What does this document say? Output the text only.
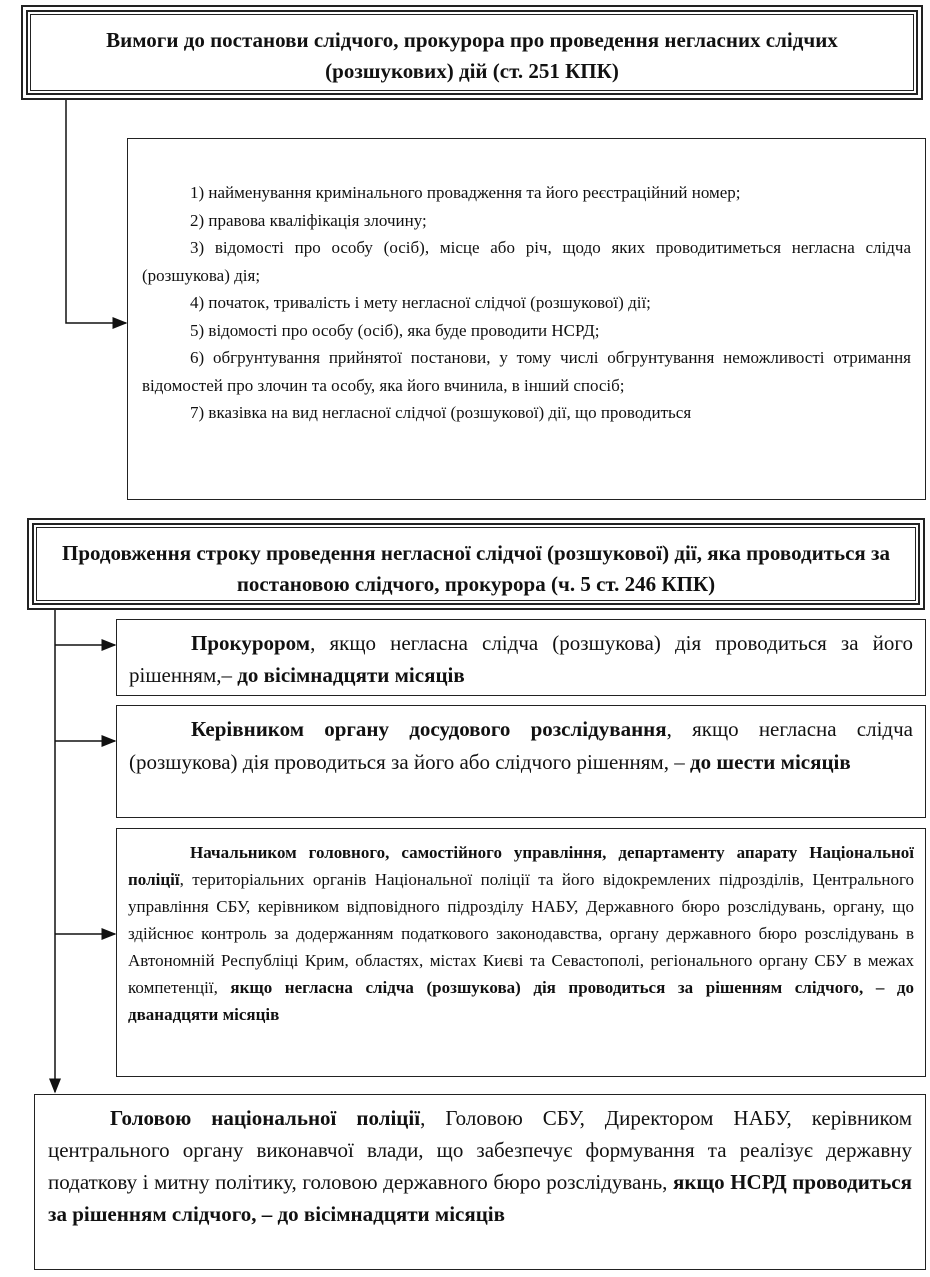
Вимоги до постанови слідчого, прокурора про проведення негласних слідчих (розшукових) дій (ст. 251 КПК)

1) найменування кримінального провадження та його реєстраційний номер;

2) правова кваліфікація злочину;

3) відомості про особу (осіб), місце або річ, щодо яких проводитиметься негласна слідча (розшукова) дія;

4) початок, тривалість і мету негласної слідчої (розшукової) дії;

5) відомості про особу (осіб), яка буде проводити НСРД;

6) обгрунтування прийнятої постанови, у тому числі обгрунтування неможливості отримання відомостей про злочин та особу, яка його вчинила, в інший спосіб;

7) вказівка на вид негласної слідчої (розшукової) дії, що проводиться

Продовження строку проведення негласної слідчої (розшукової) дії, яка проводиться за постановою слідчого, прокурора (ч. 5 ст. 246 КПК)
Прокурором, якщо негласна слідча (розшукова) дія проводиться за його рішенням,– до вісімнадцяти місяців
Керівником органу досудового розслідування, якщо негласна слідча (розшукова) дія проводиться за його або слідчого рішенням, – до шести місяців
Начальником головного, самостійного управління, департаменту апарату Національної поліції, територіальних органів Національної поліції та його відокремлених підрозділів, Центрального управління СБУ, керівником відповідного підрозділу НАБУ, Державного бюро розслідувань, органу, що здійснює контроль за додержанням податкового законодавства, органу державного бюро розслідувань в Автономній Республіці Крим, областях, містах Києві та Севастополі, регіонального органу СБУ в межах компетенції, якщо негласна слідча (розшукова) дія проводиться за рішенням слідчого, – до дванадцяти місяців
Головою національної поліції, Головою СБУ, Директором НАБУ, керівником центрального органу виконавчої влади, що забезпечує формування та реалізує державну податкову і митну політику, головою державного бюро розслідувань, якщо НСРД проводиться за рішенням слідчого, – до вісімнадцяти місяців
